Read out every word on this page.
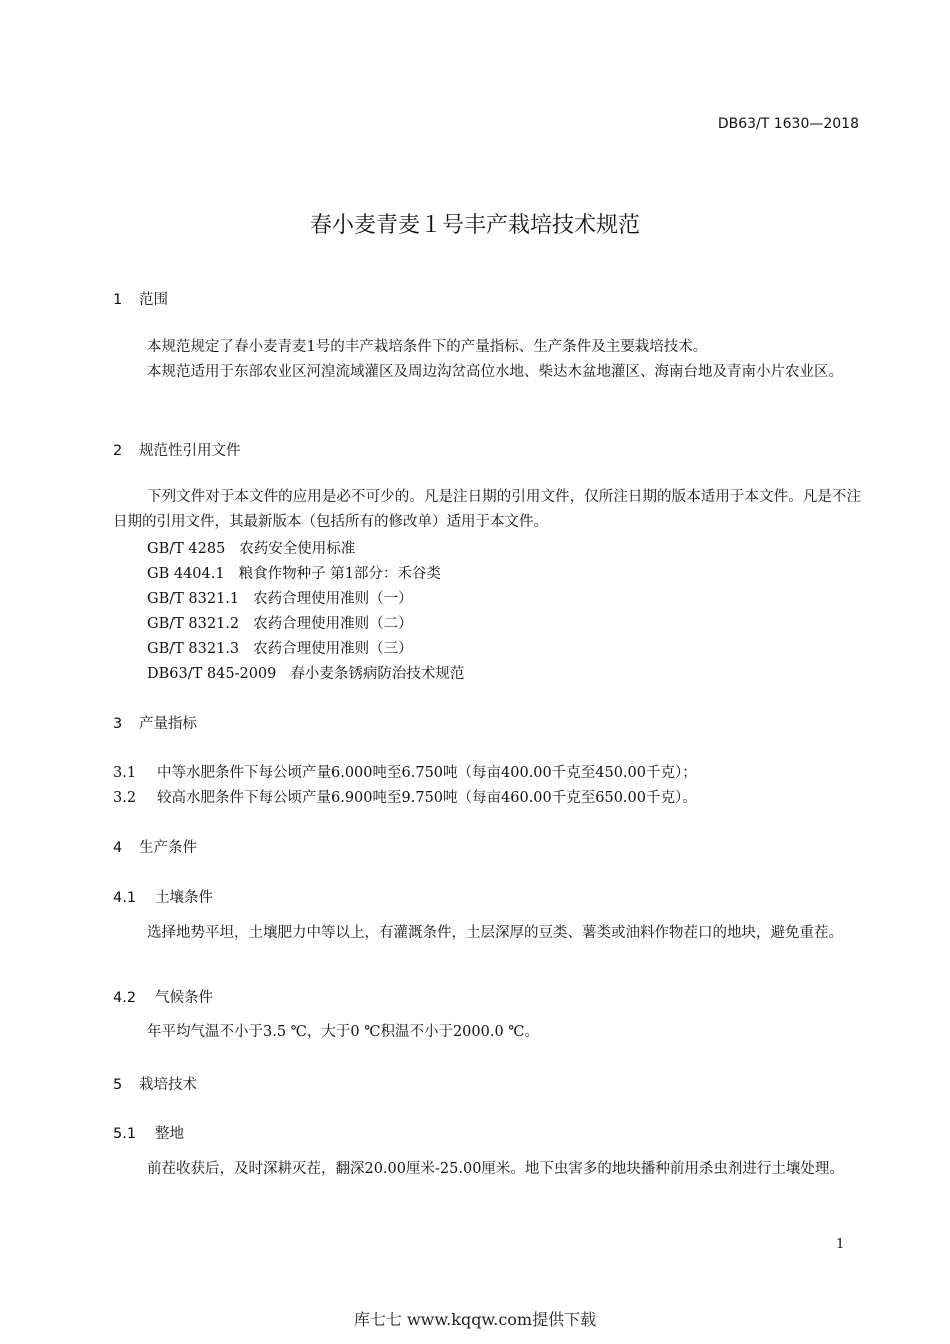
DB63/T 1630—2018
春小麦青麦１号丰产栽培技术规范
1 范围
本规范规定了春小麦青麦1号的丰产栽培条件下的产量指标、生产条件及主要栽培技术。
本规范适用于东部农业区河湟流域灌区及周边沟岔高位水地、柴达木盆地灌区、海南台地及青南小片农业区。
2 规范性引用文件
下列文件对于本文件的应用是必不可少的。凡是注日期的引用文件，仅所注日期的版本适用于本文件。凡是不注日期的引用文件，其最新版本（包括所有的修改单）适用于本文件。
GB/T 4285 农药安全使用标准
GB 4404.1 粮食作物种子 第1部分：禾谷类
GB/T 8321.1 农药合理使用准则（一）
GB/T 8321.2 农药合理使用准则（二）
GB/T 8321.3 农药合理使用准则（三）
DB63/T 845-2009 春小麦条锈病防治技术规范
3 产量指标
3.1 中等水肥条件下每公顷产量6.000吨至6.750吨（每亩400.00千克至450.00千克）；
3.2 较高水肥条件下每公顷产量6.900吨至9.750吨（每亩460.00千克至650.00千克）。
4 生产条件
4.1 土壤条件
选择地势平坦，土壤肥力中等以上，有灌溉条件，土层深厚的豆类、薯类或油料作物茬口的地块，避免重茬。
4.2 气候条件
年平均气温不小于3.5 ℃，大于0 ℃积温不小于2000.0 ℃。
5 栽培技术
5.1 整地
前茬收获后，及时深耕灭茬，翻深20.00厘米-25.00厘米。地下虫害多的地块播种前用杀虫剂进行土壤处理。
1
库七七 www.kqqw.com提供下载
